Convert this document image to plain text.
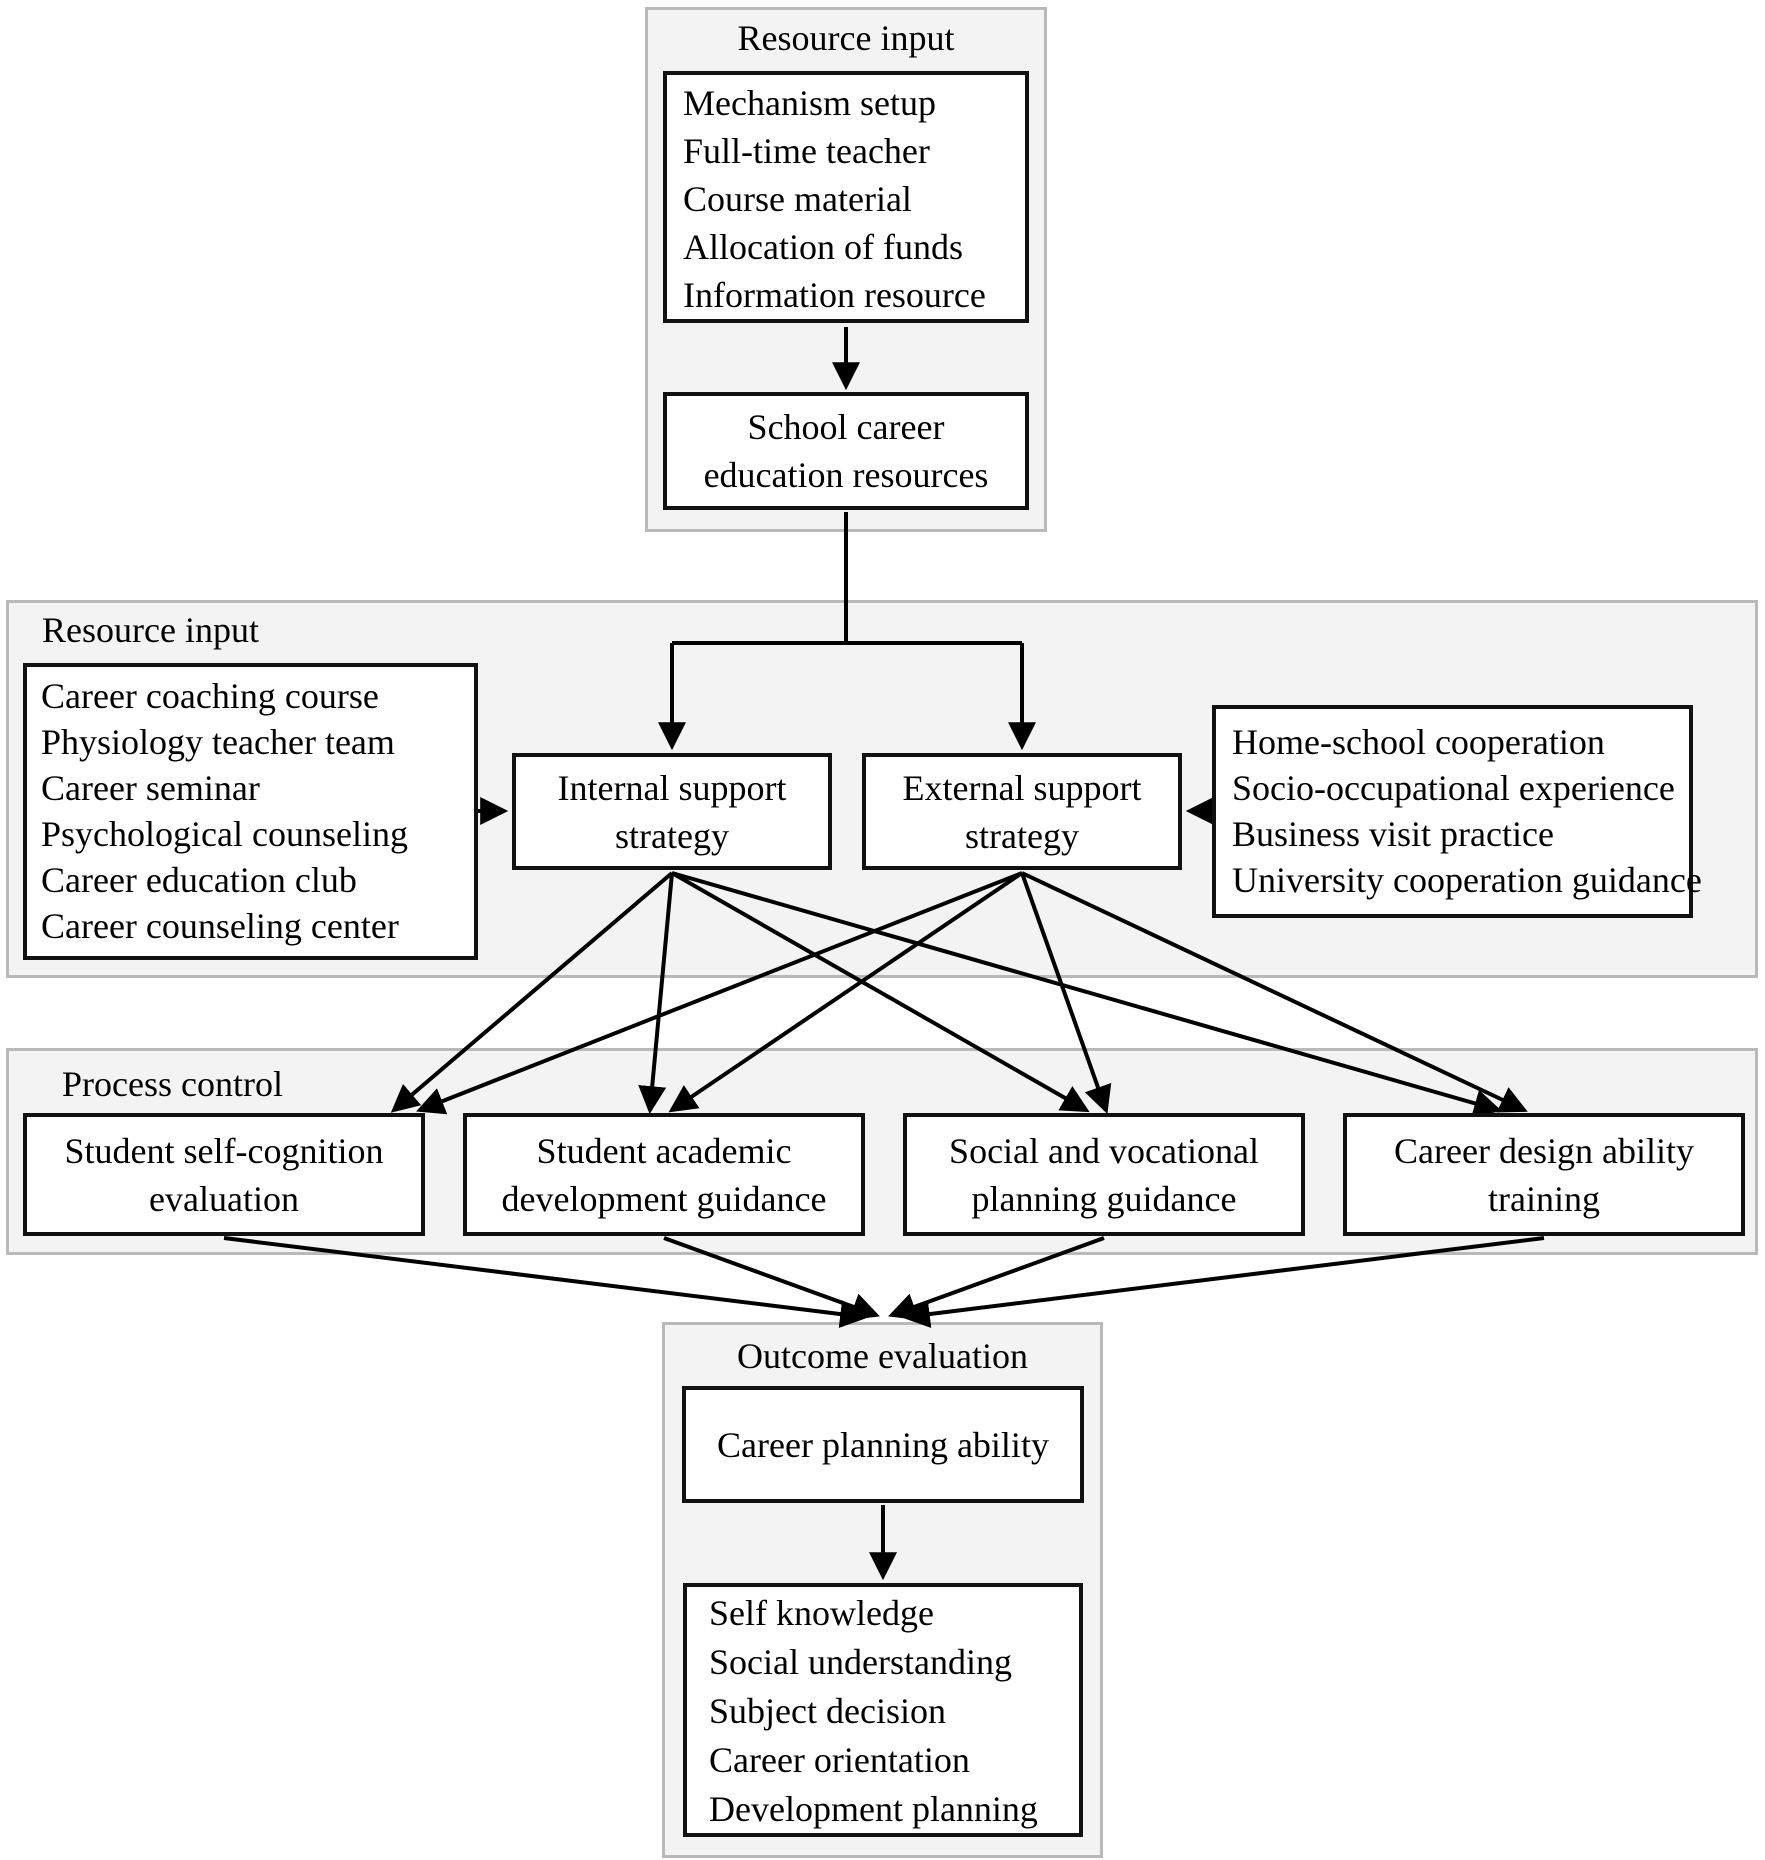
Resource input
Resource input
Process control
Outcome evaluation
Mechanism setup
Full-time teacher
Course material
Allocation of funds
Information resource
School career
education resources
Career coaching course
Physiology teacher team
Career seminar
Psychological counseling
Career education club
Career counseling center
Internal support
strategy
External support
strategy
Home-school cooperation
Socio-occupational experience
Business visit practice
University cooperation guidance
Student self-cognition
evaluation
Student academic
development guidance
Social and vocational
planning guidance
Career design ability
training
Career planning ability
Self knowledge
Social understanding
Subject decision
Career orientation
Development planning
